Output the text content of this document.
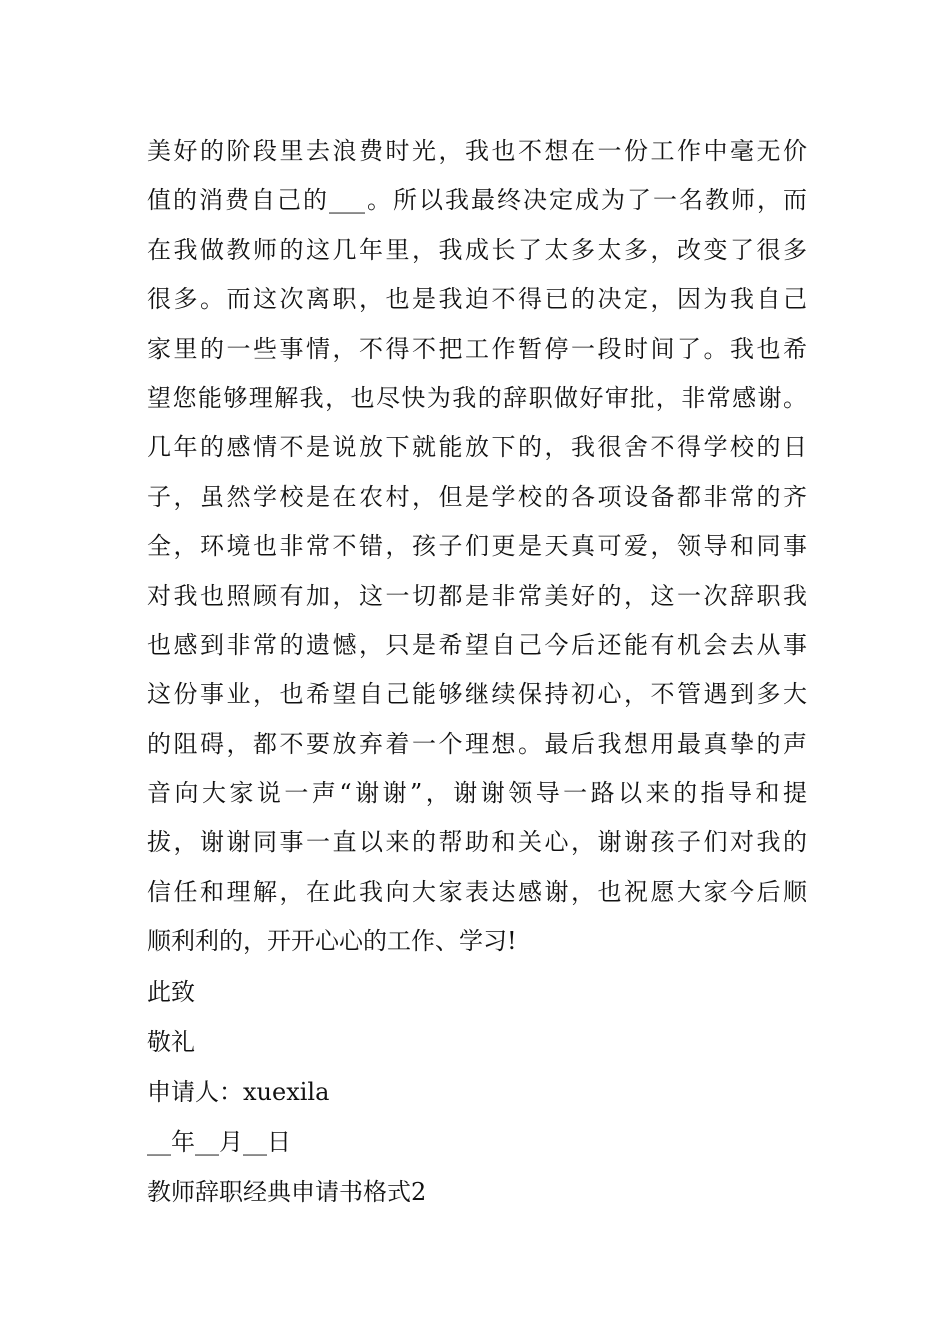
美好的阶段里去浪费时光，我也不想在一份工作中毫无价
值的消费自己的___。所以我最终决定成为了一名教师，而
在我做教师的这几年里，我成长了太多太多，改变了很多
很多。而这次离职，也是我迫不得已的决定，因为我自己
家里的一些事情，不得不把工作暂停一段时间了。我也希
望您能够理解我，也尽快为我的辞职做好审批，非常感谢。
几年的感情不是说放下就能放下的，我很舍不得学校的日
子，虽然学校是在农村，但是学校的各项设备都非常的齐
全，环境也非常不错，孩子们更是天真可爱，领导和同事
对我也照顾有加，这一切都是非常美好的，这一次辞职我
也感到非常的遗憾，只是希望自己今后还能有机会去从事
这份事业，也希望自己能够继续保持初心，不管遇到多大
的阻碍，都不要放弃着一个理想。最后我想用最真挚的声
音向大家说一声“谢谢”，谢谢领导一路以来的指导和提
拔，谢谢同事一直以来的帮助和关心，谢谢孩子们对我的
信任和理解，在此我向大家表达感谢，也祝愿大家今后顺
顺利利的，开开心心的工作、学习!
此致
敬礼
申请人：xuexila
__年__月__日
教师辞职经典申请书格式2
